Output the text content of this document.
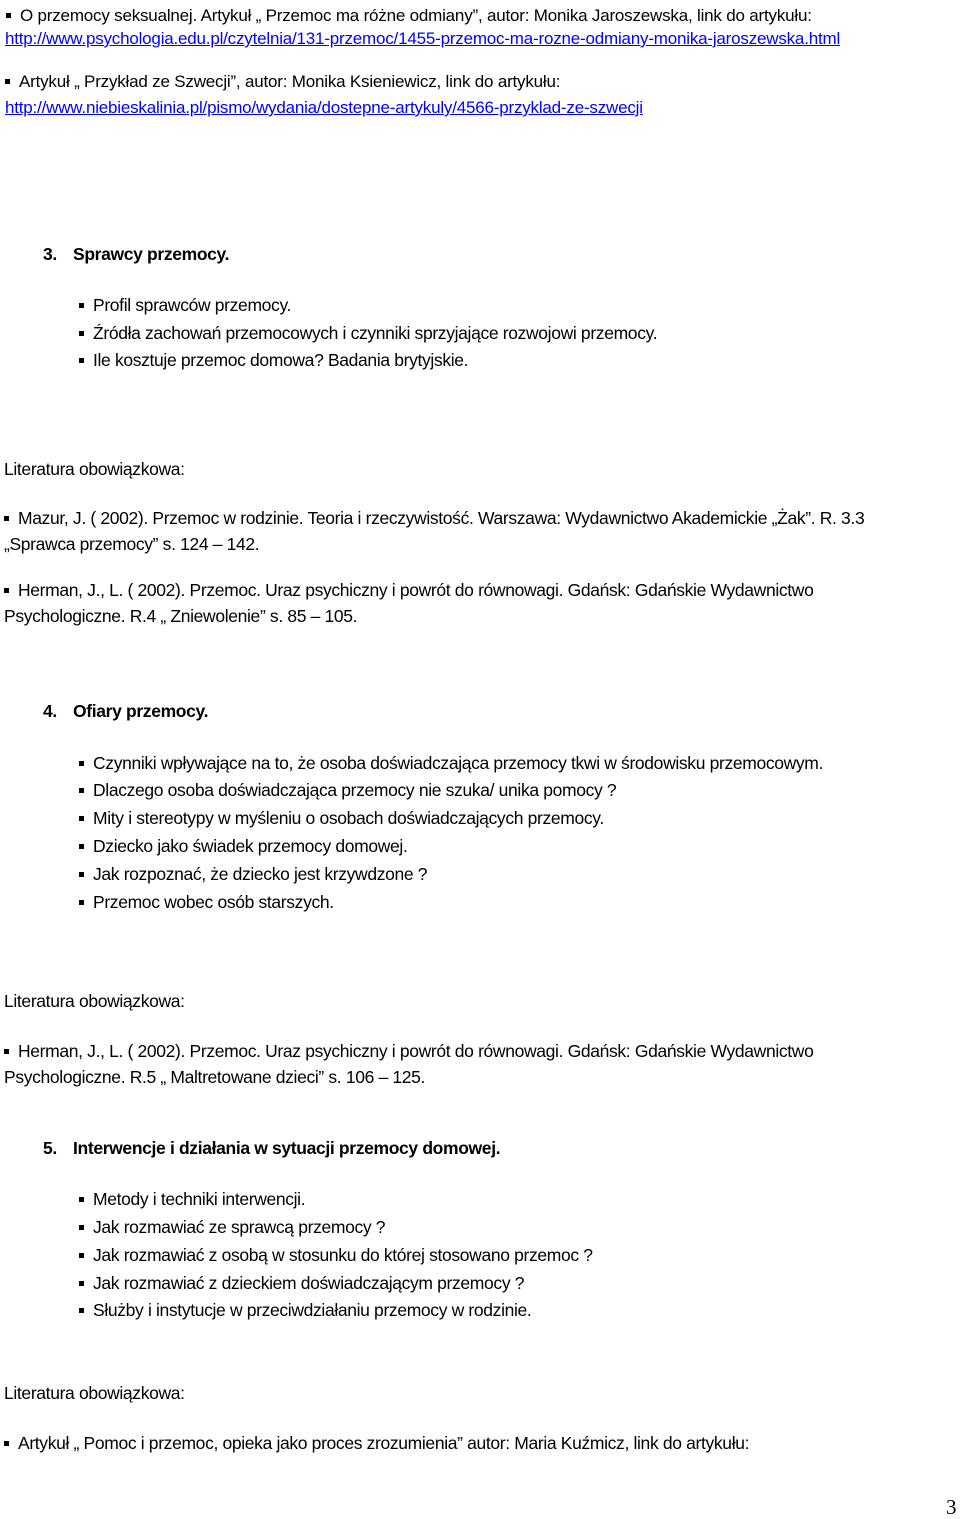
O przemocy seksualnej. Artykuł „ Przemoc ma różne odmiany”, autor: Monika Jaroszewska, link do artykułu:
http://www.psychologia.edu.pl/czytelnia/131-przemoc/1455-przemoc-ma-rozne-odmiany-monika-jaroszewska.html
Artykuł „ Przykład ze Szwecji”, autor: Monika Ksieniewicz, link do artykułu:
http://www.niebieskalinia.pl/pismo/wydania/dostepne-artykuly/4566-przyklad-ze-szwecji
3. Sprawcy przemocy.
Profil sprawców przemocy.
Źródła zachowań przemocowych i czynniki sprzyjające rozwojowi przemocy.
Ile kosztuje przemoc domowa? Badania brytyjskie.
Literatura obowiązkowa:
Mazur, J. ( 2002). Przemoc w rodzinie. Teoria i rzeczywistość. Warszawa: Wydawnictwo Akademickie „Żak”. R. 3.3
„Sprawca przemocy” s. 124 – 142.
Herman, J., L. ( 2002). Przemoc. Uraz psychiczny i powrót do równowagi. Gdańsk: Gdańskie Wydawnictwo
Psychologiczne. R.4 „ Zniewolenie” s. 85 – 105.
4. Ofiary przemocy.
Czynniki wpływające na to, że osoba doświadczająca przemocy tkwi w środowisku przemocowym.
Dlaczego osoba doświadczająca przemocy nie szuka/ unika pomocy ?
Mity i stereotypy w myśleniu o osobach doświadczających przemocy.
Dziecko jako świadek przemocy domowej.
Jak rozpoznać, że dziecko jest krzywdzone ?
Przemoc wobec osób starszych.
Literatura obowiązkowa:
Herman, J., L. ( 2002). Przemoc. Uraz psychiczny i powrót do równowagi. Gdańsk: Gdańskie Wydawnictwo
Psychologiczne. R.5 „ Maltretowane dzieci” s. 106 – 125.
5. Interwencje i działania w sytuacji przemocy domowej.
Metody i techniki interwencji.
Jak rozmawiać ze sprawcą przemocy ?
Jak rozmawiać z osobą w stosunku do której stosowano przemoc ?
Jak rozmawiać z dzieckiem doświadczającym przemocy ?
Służby i instytucje w przeciwdziałaniu przemocy w rodzinie.
Literatura obowiązkowa:
Artykuł „ Pomoc i przemoc, opieka jako proces zrozumienia” autor: Maria Kuźmicz, link do artykułu:
3
